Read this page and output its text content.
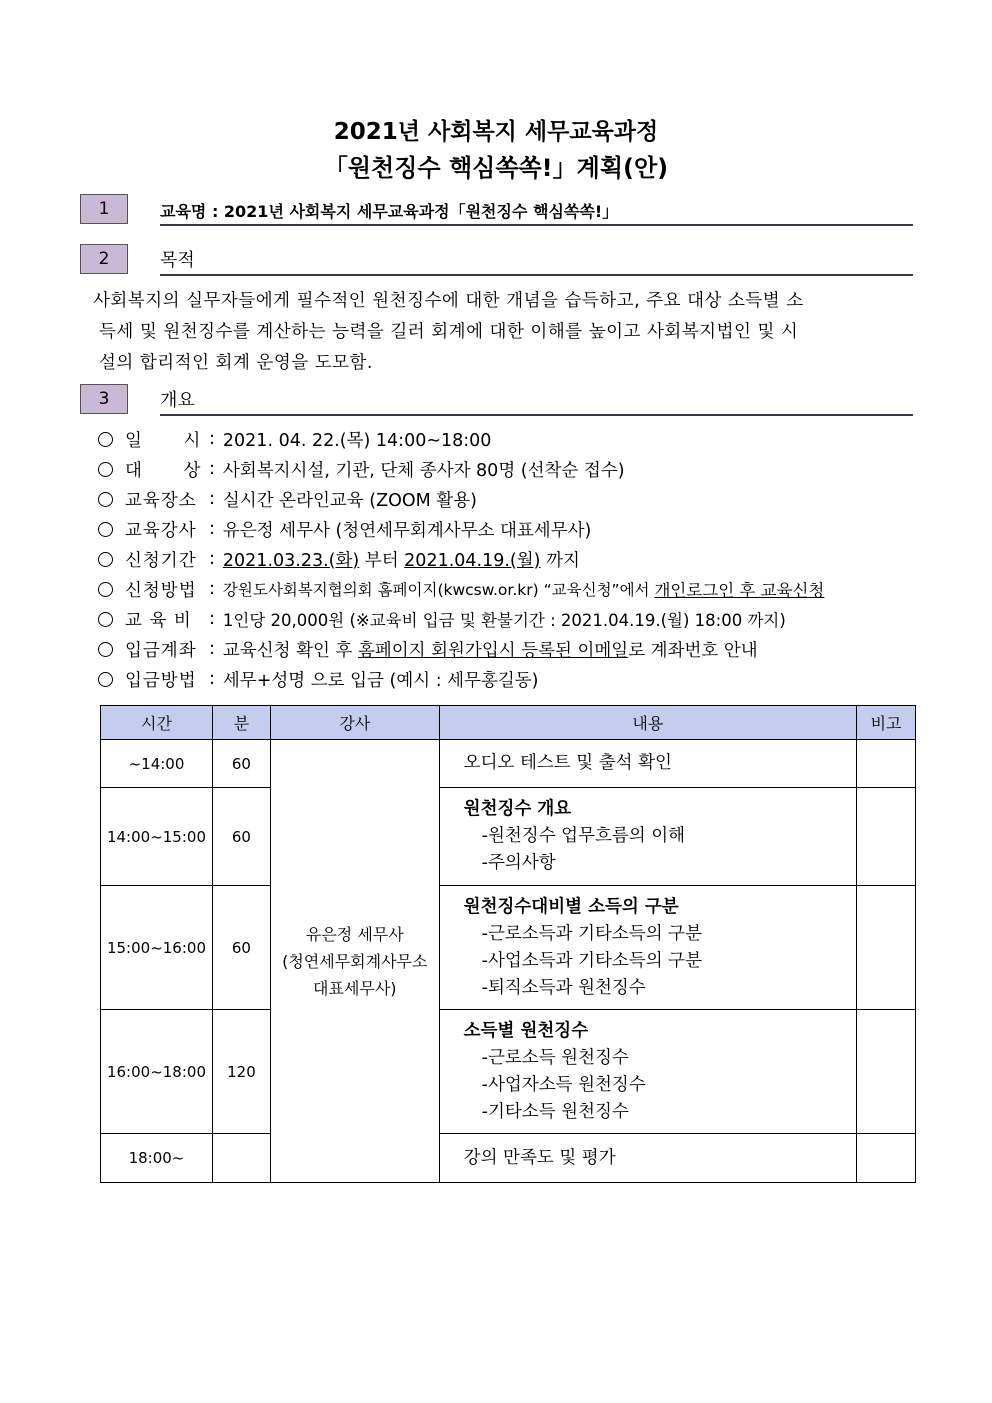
2021년 사회복지 세무교육과정
「원천징수 핵심쏙쏙!」계획(안)
1	교육명 : 2021년 사회복지 세무교육과정「원천징수 핵심쏙쏙!」
2	목적
사회복지의 실무자들에게 필수적인 원천징수에 대한 개념을 습득하고, 주요 대상 소득별 소
득세 및 원천징수를 계산하는 능력을 길러 회계에 대한 이해를 높이고 사회복지법인 및 시
설의 합리적인 회계 운영을 도모함.
3	개요
일 시 : 2021. 04. 22.(목) 14:00~18:00
대 상 : 사회복지시설, 기관, 단체 종사자 80명 (선착순 접수)
교육장소 : 실시간 온라인교육 (ZOOM 활용)
교육강사 : 유은정 세무사 (청연세무회계사무소 대표세무사)
신청기간 : 2021.03.23.(화) 부터 2021.04.19.(월) 까지
신청방법 : 강원도사회복지협의회 홈페이지(kwcsw.or.kr) “교육신청”에서 개인로그인 후 교육신청
교 육 비 : 1인당 20,000원 (※교육비 입금 및 환불기간 : 2021.04.19.(월) 18:00 까지)
입금계좌 : 교육신청 확인 후 홈페이지 회원가입시 등록된 이메일 로 계좌번호 안내
입금방법 : 세무+성명 으로 입금 (예시 : 세무홍길동)
시간	분	강사	내용	비고
~14:00	60	유은정 세무사
(청연세무회계사무소
대표세무사)	오디오 테스트 및 출석 확인	

14:00~15:00	60		원천징수 개요
-원천징수 업무흐름의 이해
-주의사항	

15:00~16:00	60		원천징수대비별 소득의 구분
-근로소득과 기타소득의 구분
-사업소득과 기타소득의 구분
-퇴직소득과 원천징수	

16:00~18:00	120		소득별 원천징수
-근로소득 원천징수
-사업자소득 원천징수
-기타소득 원천징수	

18:00~			강의 만족도 및 평가	
